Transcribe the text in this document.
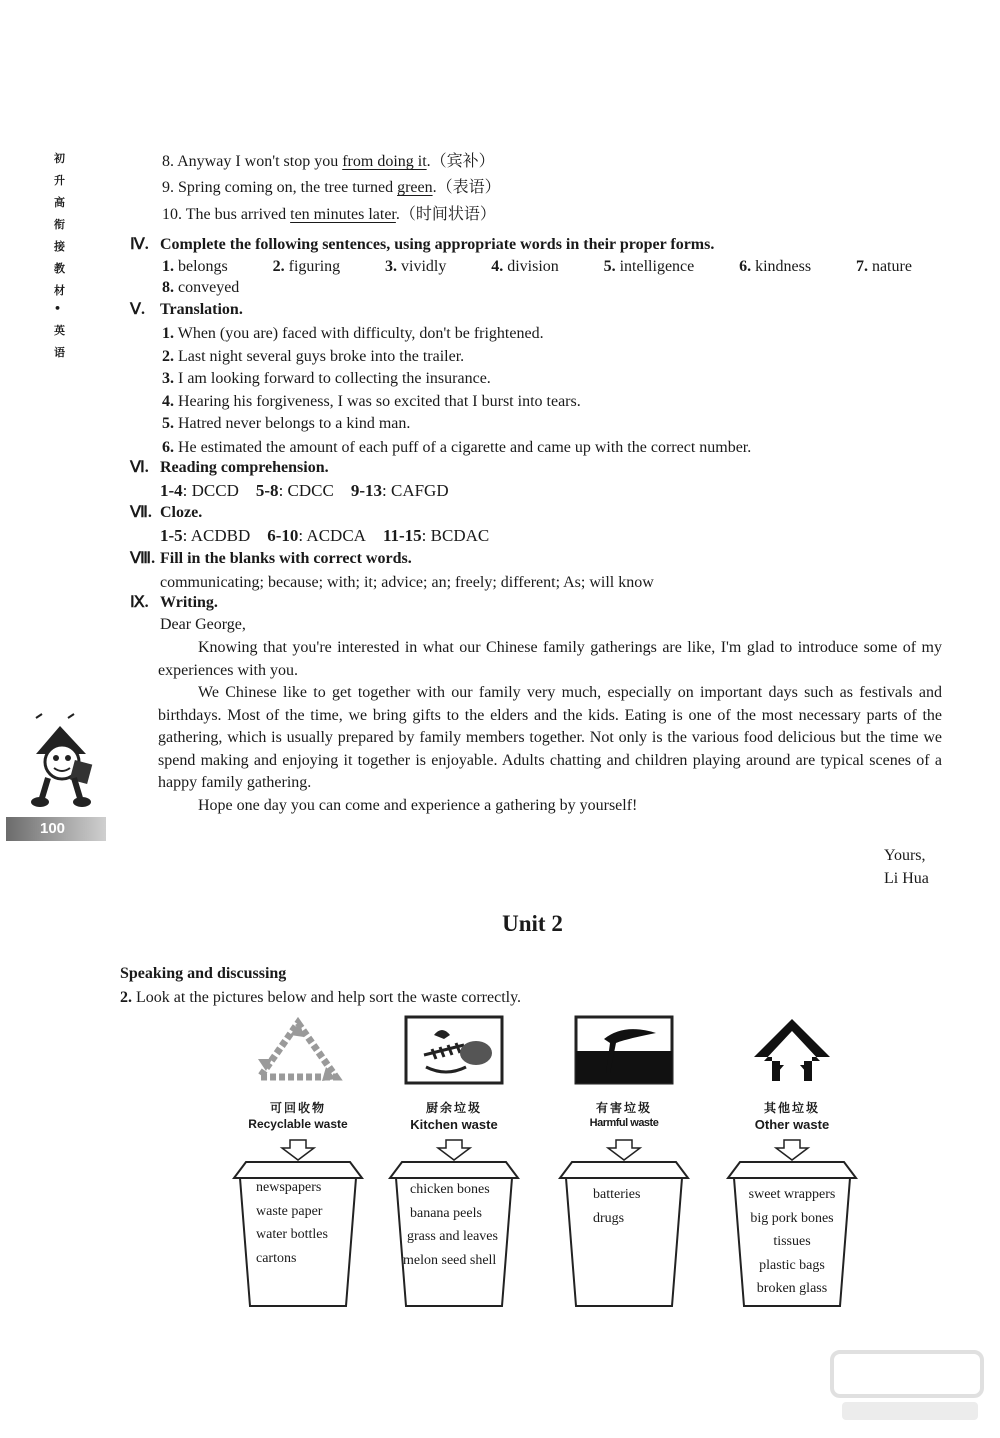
初
升
高
衔
接
教
材
•
英
语
100
8. Anyway I won't stop you from doing it.（宾补）
9. Spring coming on, the tree turned green.（表语）
10. The bus arrived ten minutes later.（时间状语）
Ⅳ. Complete the following sentences, using appropriate words in their proper forms.
1. belongs	2. figuring	3. vividly	4. division	5. intelligence	6. kindness	7. nature
8. conveyed
Ⅴ. Translation.
1. When (you are) faced with difficulty, don't be frightened.
2. Last night several guys broke into the trailer.
3. I am looking forward to collecting the insurance.
4. Hearing his forgiveness, I was so excited that I burst into tears.
5. Hatred never belongs to a kind man.
6. He estimated the amount of each puff of a cigarette and came up with the correct number.
Ⅵ. Reading comprehension.
1-4: DCCD 5-8: CDCC 9-13: CAFGD
Ⅶ. Cloze.
1-5: ACDBD 6-10: ACDCA 11-15: BCDAC
Ⅷ. Fill in the blanks with correct words.
communicating; because; with; it; advice; an; freely; different; As; will know
Ⅸ. Writing.
Dear George,

Knowing that you're interested in what our Chinese family gatherings are like, I'm glad to introduce some of my experiences with you.

We Chinese like to get together with our family very much, especially on important days such as festivals and birthdays. Most of the time, we bring gifts to the elders and the kids. Eating is one of the most necessary parts of the gathering, which is usually prepared by family members together. Not only is the various food delicious but the time we spend making and enjoying it together is enjoyable. Adults chatting and children playing around are typical scenes of a happy family gathering.

Hope one day you can come and experience a gathering by yourself!

Yours,
Li Hua
Unit 2
Speaking and discussing
2. Look at the pictures below and help sort the waste correctly.
可回收物
Recyclable waste
厨余垃圾
Kitchen waste
有害垃圾
Harmful waste
其他垃圾
Other waste
newspapers
waste paper
water bottles
cartons
chicken bones
banana peels
grass and leaves
melon seed shell
batteries
drugs
sweet wrappers
big pork bones
tissues
plastic bags
broken glass
